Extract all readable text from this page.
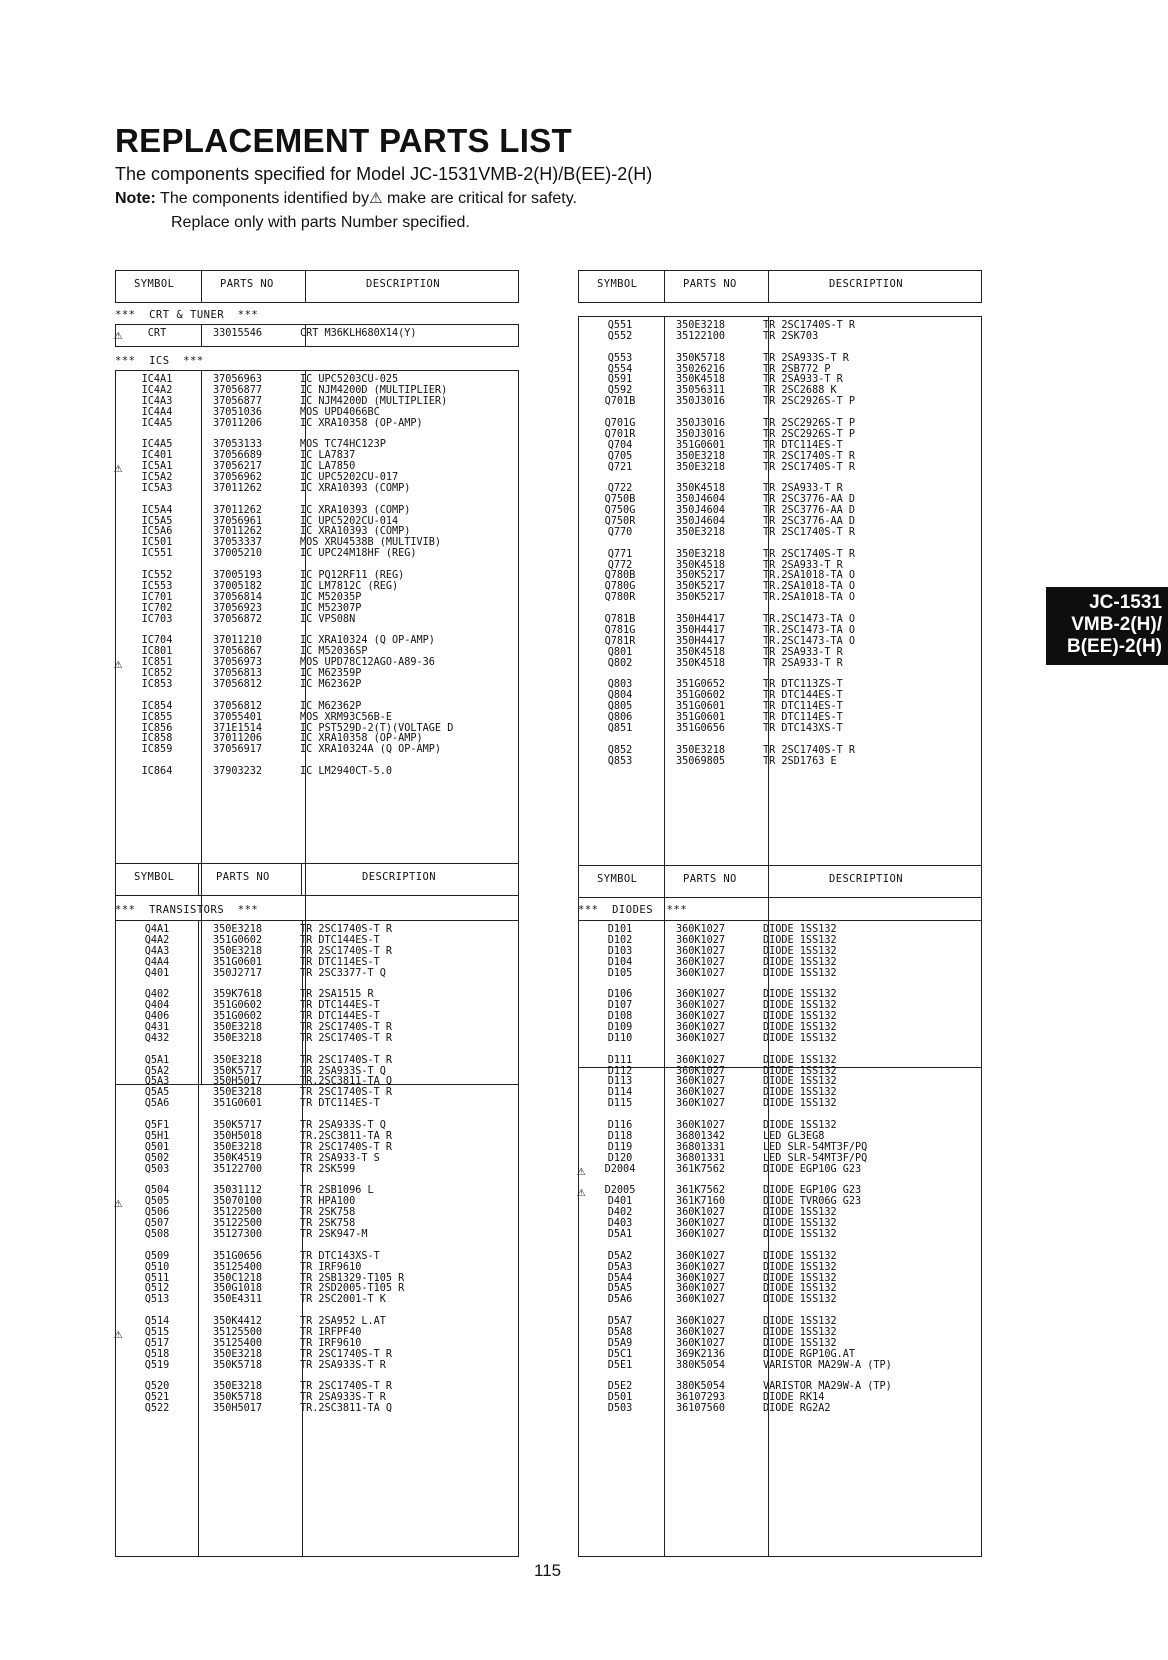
REPLACEMENT PARTS LIST

The components specified for Model JC-1531VMB-2(H)/B(EE)-2(H)

Note: The components identified by⚠ make are critical for safety.
Replace only with parts Number specified.
SYMBOL	PARTS NO	DESCRIPTION
***  CRT & TUNER  ***
CRT	33015546	CRT M36KLH680X14(Y)
⚠
***  ICS  ***
IC4A1	37056963	IC UPC5203CU-025
IC4A2	37056877	IC NJM4200D (MULTIPLIER)
IC4A3	37056877	IC NJM4200D (MULTIPLIER)
IC4A4	37051036	MOS UPD4066BC
IC4A5	37011206	IC XRA10358 (OP-AMP)
IC4A5	37053133	MOS TC74HC123P
IC401	37056689	IC LA7837
IC5A1	37056217	IC LA7850
⚠
IC5A2	37056962	IC UPC5202CU-017
IC5A3	37011262	IC XRA10393 (COMP)
IC5A4	37011262	IC XRA10393 (COMP)
IC5A5	37056961	IC UPC5202CU-014
IC5A6	37011262	IC XRA10393 (COMP)
IC501	37053337	MOS XRU4538B (MULTIVIB)
IC551	37005210	IC UPC24M18HF (REG)
IC552	37005193	IC PQ12RF11 (REG)
IC553	37005182	IC LM7812C (REG)
IC701	37056814	IC M52035P
IC702	37056923	IC M52307P
IC703	37056872	IC VPS08N
IC704	37011210	IC XRA10324 (Q OP-AMP)
IC801	37056867	IC M52036SP
IC851	37056973	MOS UPD78C12AGO-A89-36
⚠
IC852	37056813	IC M62359P
IC853	37056812	IC M62362P
IC854	37056812	IC M62362P
IC855	37055401	MOS XRM93C56B-E
IC856	371E1514	IC PST529D-2(T)(VOLTAGE D
IC858	37011206	IC XRA10358 (OP-AMP)
IC859	37056917	IC XRA10324A (Q OP-AMP)
IC864	37903232	IC LM2940CT-5.0
SYMBOL	PARTS NO	DESCRIPTION
Q551	350E3218	TR 2SC1740S-T R
Q552	35122100	TR 2SK703
Q553	350K5718	TR 2SA933S-T R
Q554	35026216	TR 2SB772 P
Q591	350K4518	TR 2SA933-T R
Q592	35056311	TR 2SC2688 K
Q701B	350J3016	TR 2SC2926S-T P
Q701G	350J3016	TR 2SC2926S-T P
Q701R	350J3016	TR 2SC2926S-T P
Q704	351G0601	TR DTC114ES-T
Q705	350E3218	TR 2SC1740S-T R
Q721	350E3218	TR 2SC1740S-T R
Q722	350K4518	TR 2SA933-T R
Q750B	350J4604	TR 2SC3776-AA D
Q750G	350J4604	TR 2SC3776-AA D
Q750R	350J4604	TR 2SC3776-AA D
Q770	350E3218	TR 2SC1740S-T R
Q771	350E3218	TR 2SC1740S-T R
Q772	350K4518	TR 2SA933-T R
Q780B	350K5217	TR.2SA1018-TA O
Q780G	350K5217	TR.2SA1018-TA O
Q780R	350K5217	TR.2SA1018-TA O
Q781B	350H4417	TR.2SC1473-TA O
Q781G	350H4417	TR.2SC1473-TA O
Q781R	350H4417	TR.2SC1473-TA O
Q801	350K4518	TR 2SA933-T R
Q802	350K4518	TR 2SA933-T R
Q803	351G0652	TR DTC113ZS-T
Q804	351G0602	TR DTC144ES-T
Q805	351G0601	TR DTC114ES-T
Q806	351G0601	TR DTC114ES-T
Q851	351G0656	TR DTC143XS-T
Q852	350E3218	TR 2SC1740S-T R
Q853	35069805	TR 2SD1763 E
SYMBOL	PARTS NO	DESCRIPTION
***  TRANSISTORS  ***
Q4A1	350E3218	TR 2SC1740S-T R
Q4A2	351G0602	TR DTC144ES-T
Q4A3	350E3218	TR 2SC1740S-T R
Q4A4	351G0601	TR DTC114ES-T
Q401	350J2717	TR 2SC3377-T Q
Q402	359K7618	TR 2SA1515 R
Q404	351G0602	TR DTC144ES-T
Q406	351G0602	TR DTC144ES-T
Q431	350E3218	TR 2SC1740S-T R
Q432	350E3218	TR 2SC1740S-T R
Q5A1	350E3218	TR 2SC1740S-T R
Q5A2	350K5717	TR 2SA933S-T Q
Q5A3	350H5017	TR.2SC3811-TA Q
Q5A5	350E3218	TR 2SC1740S-T R
Q5A6	351G0601	TR DTC114ES-T
Q5F1	350K5717	TR 2SA933S-T Q
Q5H1	350H5018	TR.2SC3811-TA R
Q501	350E3218	TR 2SC1740S-T R
Q502	350K4519	TR 2SA933-T S
Q503	35122700	TR 2SK599
Q504	35031112	TR 2SB1096 L
Q505	35070100	TR HPA100
⚠
Q506	35122500	TR 2SK758
Q507	35122500	TR 2SK758
Q508	35127300	TR 2SK947-M
Q509	351G0656	TR DTC143XS-T
Q510	35125400	TR IRF9610
Q511	350C1218	TR 2SB1329-T105 R
Q512	350G1018	TR 2SD2005-T105 R
Q513	350E4311	TR 2SC2001-T K
Q514	350K4412	TR 2SA952 L.AT
Q515	35125500	TR IRFPF40
⚠
Q517	35125400	TR IRF9610
Q518	350E3218	TR 2SC1740S-T R
Q519	350K5718	TR 2SA933S-T R
Q520	350E3218	TR 2SC1740S-T R
Q521	350K5718	TR 2SA933S-T R
Q522	350H5017	TR.2SC3811-TA Q
SYMBOL	PARTS NO	DESCRIPTION
***  DIODES  ***
D101	360K1027	DIODE 1SS132
D102	360K1027	DIODE 1SS132
D103	360K1027	DIODE 1SS132
D104	360K1027	DIODE 1SS132
D105	360K1027	DIODE 1SS132
D106	360K1027	DIODE 1SS132
D107	360K1027	DIODE 1SS132
D108	360K1027	DIODE 1SS132
D109	360K1027	DIODE 1SS132
D110	360K1027	DIODE 1SS132
D111	360K1027	DIODE 1SS132
D112	360K1027	DIODE 1SS132
D113	360K1027	DIODE 1SS132
D114	360K1027	DIODE 1SS132
D115	360K1027	DIODE 1SS132
D116	360K1027	DIODE 1SS132
D118	36801342	LED GL3EG8
D119	36801331	LED SLR-54MT3F/PQ
D120	36801331	LED SLR-54MT3F/PQ
D2004	361K7562	DIODE EGP10G G23
⚠
D2005	361K7562	DIODE EGP10G G23
⚠
D401	361K7160	DIODE TVR06G G23
D402	360K1027	DIODE 1SS132
D403	360K1027	DIODE 1SS132
D5A1	360K1027	DIODE 1SS132
D5A2	360K1027	DIODE 1SS132
D5A3	360K1027	DIODE 1SS132
D5A4	360K1027	DIODE 1SS132
D5A5	360K1027	DIODE 1SS132
D5A6	360K1027	DIODE 1SS132
D5A7	360K1027	DIODE 1SS132
D5A8	360K1027	DIODE 1SS132
D5A9	360K1027	DIODE 1SS132
D5C1	369K2136	DIODE RGP10G.AT
D5E1	380K5054	VARISTOR MA29W-A (TP)
D5E2	380K5054	VARISTOR MA29W-A (TP)
D501	36107293	DIODE RK14
D503	36107560	DIODE RG2A2
JC-1531
VMB-2(H)/
B(EE)-2(H)
115
